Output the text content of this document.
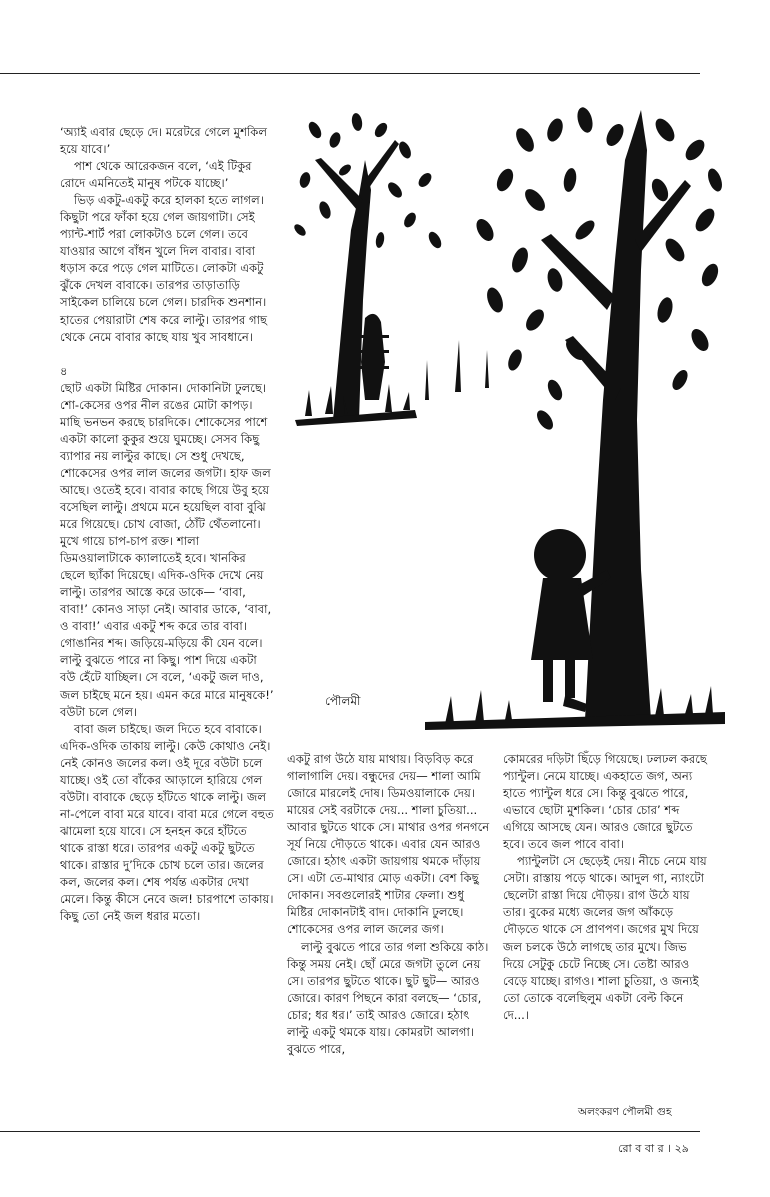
‘অ্যাই এবার ছেড়ে দে। মরেটরে গেলে মুশকিল হয়ে যাবে।’

পাশ থেকে আরেকজন বলে, ‘এই টিকুর রোদে এমনিতেই মানুষ পটকে যাচ্ছে।’

ভিড় একটু-একটু করে হালকা হতে লাগল। কিছুটা পরে ফাঁকা হয়ে গেল জায়গাটা। সেই প্যান্ট-শার্ট পরা লোকটাও চলে গেল। তবে যাওয়ার আগে বাঁধন খুলে দিল বাবার। বাবা ধড়াস করে পড়ে গেল মাটিতে। লোকটা একটু ঝুঁকে দেখল বাবাকে। তারপর তাড়াতাড়ি সাইকেল চালিয়ে চলে গেল। চারদিক শুনশান। হাতের পেয়ারাটা শেষ করে লাল্টু। তারপর গাছ থেকে নেমে বাবার কাছে যায় খুব সাবধানে।

৪

ছোট একটা মিষ্টির দোকান। দোকানিটা ঢুলছে। শো-কেসের ওপর নীল রঙের মোটা কাপড়। মাছি ভনভন করছে চারদিকে। শোকেসের পাশে একটা কালো কুকুর শুয়ে ঘুমচ্ছে। সেসব কিছু ব্যাপার নয় লাল্টুর কাছে। সে শুধু দেখছে, শোকেসের ওপর লাল জলের জগটা। হাফ জল আছে। ওতেই হবে। বাবার কাছে গিয়ে উবু হয়ে বসেছিল লাল্টু। প্রথমে মনে হয়েছিল বাবা বুঝি মরে গিয়েছে। চোখ বোজা, ঠোঁট থেঁতলানো। মুখে গায়ে চাপ-চাপ রক্ত। শালা ডিমওয়ালাটাকে ক্যালাতেই হবে। খানকির ছেলে ছ্যাঁকা দিয়েছে। এদিক-ওদিক দেখে নেয় লাল্টু। তারপর আস্তে করে ডাকে— ‘বাবা, বাবা!’ কোনও সাড়া নেই। আবার ডাকে, ‘বাবা, ও বাবা!’ এবার একটু শব্দ করে তার বাবা। গোঙানির শব্দ। জড়িয়ে-মড়িয়ে কী যেন বলে। লাল্টু বুঝতে পারে না কিছু। পাশ দিয়ে একটা বউ হেঁটে যাচ্ছিল। সে বলে, ‘একটু জল দাও, জল চাইছে মনে হয়। এমন করে মারে মানুষকে!’ বউটা চলে গেল।

বাবা জল চাইছে। জল দিতে হবে বাবাকে। এদিক-ওদিক তাকায় লাল্টু। কেউ কোথাও নেই। নেই কোনও জলের কল। ওই দূরে বউটা চলে যাচ্ছে। ওই তো বাঁকের আড়ালে হারিয়ে গেল বউটা। বাবাকে ছেড়ে হাঁটতে থাকে লাল্টু। জল না-পেলে বাবা মরে যাবে। বাবা মরে গেলে বহুত ঝামেলা হয়ে যাবে। সে হনহন করে হাঁটতে থাকে রাস্তা ধরে। তারপর একটু একটু ছুটতে থাকে। রাস্তার দু’দিকে চোখ চলে তার। জলের কল, জলের কল। শেষ পর্যন্ত একটার দেখা মেলে। কিন্তু কীসে নেবে জল! চারপাশে তাকায়। কিছু তো নেই জল ধরার মতো।

পৌলমী

একটু রাগ উঠে যায় মাথায়। বিড়বিড় করে গালাগালি দেয়। বন্ধুদের দেয়— শালা আমি জোরে মারলেই দোষ। ডিমওয়ালাকে দেয়। মায়ের সেই বরটাকে দেয়... শালা চুতিয়া... আবার ছুটতে থাকে সে। মাথার ওপর গনগনে সূর্য নিয়ে দৌড়তে থাকে। এবার যেন আরও জোরে। হঠাৎ একটা জায়গায় থমকে দাঁড়ায় সে। এটা তে-মাথার মোড় একটা। বেশ কিছু দোকান। সবগুলোরই শাটার ফেলা। শুধু মিষ্টির দোকানটাই বাদ। দোকানি ঢুলছে। শোকেসের ওপর লাল জলের জগ।

লাল্টু বুঝতে পারে তার গলা শুকিয়ে কাঠ। কিন্তু সময় নেই। ছোঁ মেরে জগটা তুলে নেয় সে। তারপর ছুটতে থাকে। ছুট ছুট— আরও জোরে। কারণ পিছনে কারা বলছে— ‘চোর, চোর; ধর ধর।’ তাই আরও জোরে। হঠাৎ লাল্টু একটু থমকে যায়। কোমরটা আলগা। বুঝতে পারে,

কোমরের দড়িটা ছিঁড়ে গিয়েছে। ঢলঢল করছে প্যান্টুল। নেমে যাচ্ছে। একহাতে জগ, অন্য হাতে প্যান্টুল ধরে সে। কিন্তু বুঝতে পারে, এভাবে ছোটা মুশকিল। ‘চোর চোর’ শব্দ এগিয়ে আসছে যেন। আরও জোরে ছুটতে হবে। তবে জল পাবে বাবা।

প্যান্টুলটা সে ছেড়েই দেয়। নীচে নেমে যায় সেটা। রাস্তায় পড়ে থাকে। আদুল গা, ন্যাংটো ছেলেটা রাস্তা দিয়ে দৌড়য়। রাগ উঠে যায় তার। বুকের মধ্যে জলের জগ আঁকড়ে দৌড়তে থাকে সে প্রাণপণ। জগের মুখ দিয়ে জল চলকে উঠে লাগছে তার মুখে। জিভ দিয়ে সেটুকু চেটে নিচ্ছে সে। তেষ্টা আরও বেড়ে যাচ্ছে। রাগও। শালা চুতিয়া, ও জন্যই তো তোকে বলেছিলুম একটা বেল্ট কিনে দে...।

অলংকরণ পৌলমী গুহ
রো ব বা র । ২৯
